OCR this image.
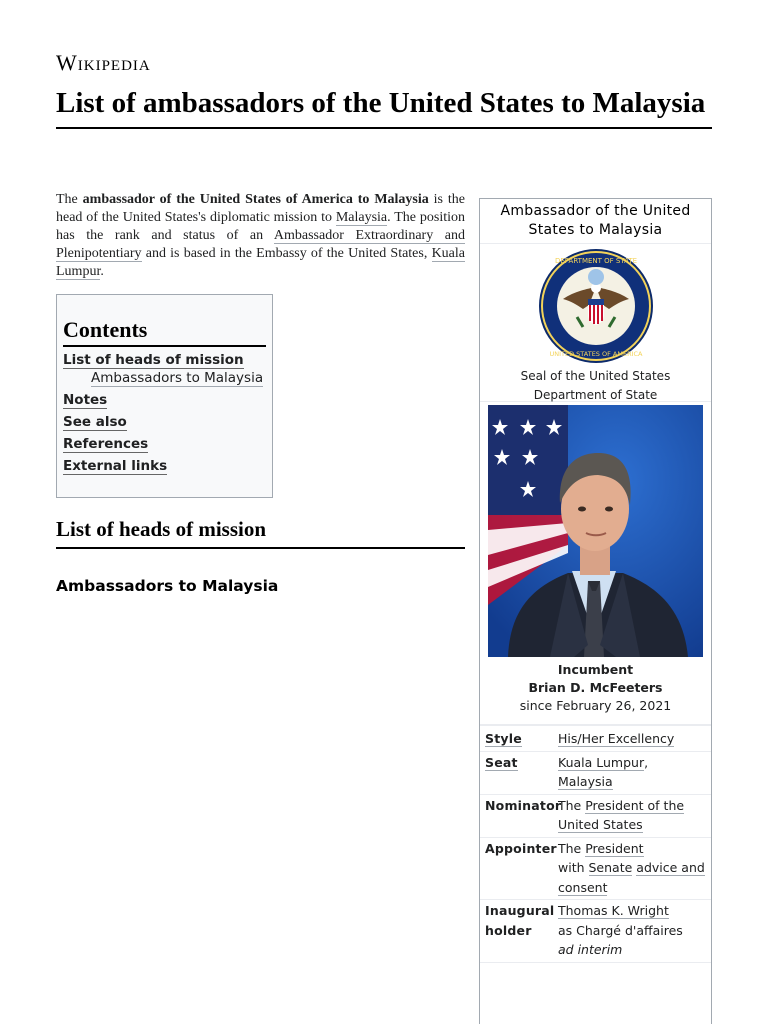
Wikipedia
List of ambassadors of the United States to Malaysia

The ambassador of the United States of America to Malaysia is the head of the United States's diplomatic mission to Malaysia. The position has the rank and status of an Ambassador Extraordinary and Plenipotentiary and is based in the Embassy of the United States, Kuala Lumpur.

Contents
List of heads of mission
Ambassadors to Malaysia
Notes
See also
References
External links
List of heads of mission
Ambassadors to Malaysia
Ambassador of the United States to Malaysia
DEPARTMENT OF STATE
UNITED STATES OF AMERICA
Seal of the United States
Department of State
Incumbent
Brian D. McFeeters
since February 26, 2021
Style	His/Her Excellency
Seat	Kuala Lumpur,
Malaysia
Nominator
The President of the United States
Appointer The President
with Senate advice and consent
Inaugural
holder
Thomas K. Wright
as Chargé d'affaires
ad interim
